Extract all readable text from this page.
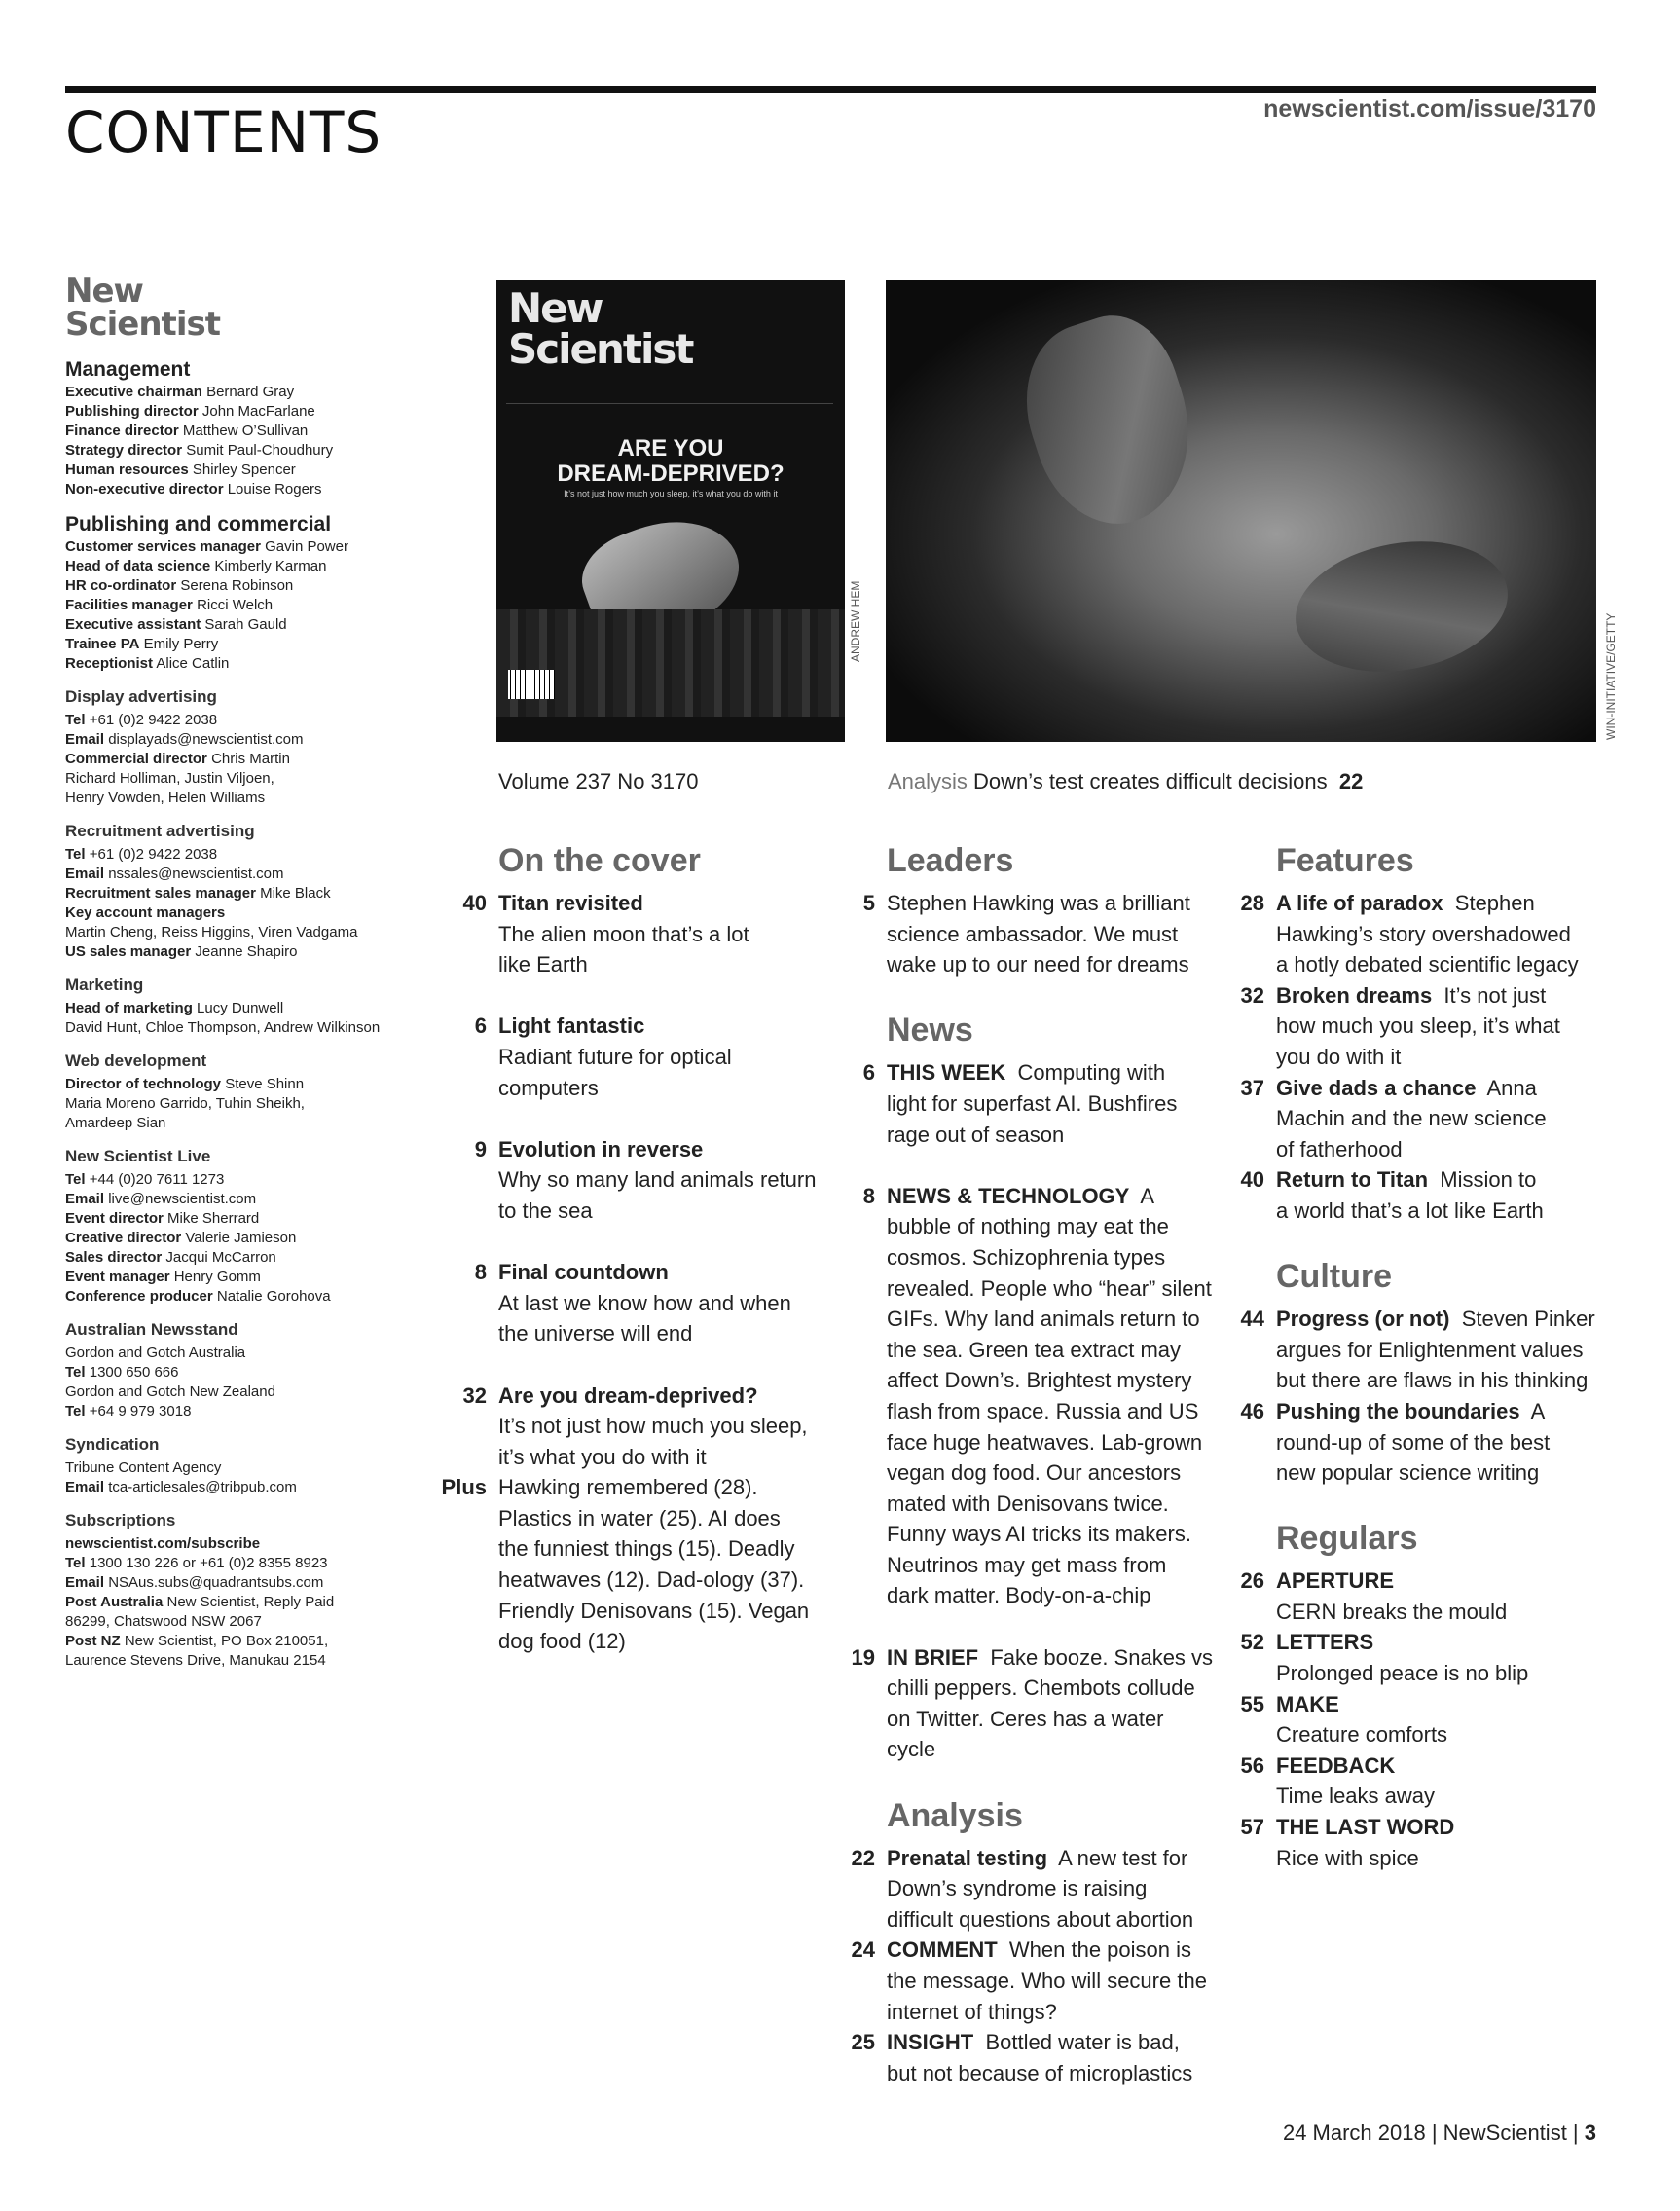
CONTENTS	newscientist.com/issue/3170
New
Scientist
Management
Executive chairman Bernard Gray
Publishing director John MacFarlane
Finance director Matthew O’Sullivan
Strategy director Sumit Paul-Choudhury
Human resources Shirley Spencer
Non-executive director Louise Rogers
Publishing and commercial
Customer services manager Gavin Power
Head of data science Kimberly Karman
HR co-ordinator Serena Robinson
Facilities manager Ricci Welch
Executive assistant Sarah Gauld
Trainee PA Emily Perry
Receptionist Alice Catlin
Display advertising
Tel +61 (0)2 9422 2038
Email displayads@newscientist.com
Commercial director Chris Martin
Richard Holliman, Justin Viljoen,
Henry Vowden, Helen Williams
Recruitment advertising
Tel +61 (0)2 9422 2038
Email nssales@newscientist.com
Recruitment sales manager Mike Black
Key account managers
Martin Cheng, Reiss Higgins, Viren Vadgama
US sales manager Jeanne Shapiro
Marketing
Head of marketing Lucy Dunwell
David Hunt, Chloe Thompson, Andrew Wilkinson
Web development
Director of technology Steve Shinn
Maria Moreno Garrido, Tuhin Sheikh,
Amardeep Sian
New Scientist Live
Tel +44 (0)20 7611 1273
Email live@newscientist.com
Event director Mike Sherrard
Creative director Valerie Jamieson
Sales director Jacqui McCarron
Event manager Henry Gomm
Conference producer Natalie Gorohova
Australian Newsstand
Gordon and Gotch Australia
Tel 1300 650 666
Gordon and Gotch New Zealand
Tel +64 9 979 3018
Syndication
Tribune Content Agency
Email tca-articlesales@tribpub.com
Subscriptions
newscientist.com/subscribe
Tel 1300 130 226 or +61 (0)2 8355 8923
Email NSAus.subs@quadrantsubs.com
Post Australia New Scientist, Reply Paid
86299, Chatswood NSW 2067
Post NZ New Scientist, PO Box 210051,
Laurence Stevens Drive, Manukau 2154
New
Scientist
ARE YOU
DREAM-DEPRIVED?
It’s not just how much you sleep, it’s what you do with it
ANDREW HEM	WIN-INITIATIVE/GETTY
Volume 237 No 3170	Analysis Down’s test creates difficult decisions 22
On the cover
40 Titan revisited
The alien moon that’s a lot
like Earth
6 Light fantastic
Radiant future for optical
computers
9 Evolution in reverse
Why so many land animals return
to the sea
8 Final countdown
At last we know how and when
the universe will end
32 Are you dream-deprived?
It’s not just how much you sleep,
it’s what you do with it
Plus Hawking remembered (28).
Plastics in water (25). AI does
the funniest things (15). Deadly
heatwaves (12). Dad-ology (37).
Friendly Denisovans (15). Vegan
dog food (12)
Leaders
5 Stephen Hawking was a brilliant
science ambassador. We must
wake up to our need for dreams
News
6 THIS WEEK Computing with
light for superfast AI. Bushfires
rage out of season
8 NEWS & TECHNOLOGY A bubble of nothing may eat the
cosmos. Schizophrenia types
revealed. People who “hear” silent
GIFs. Why land animals return to
the sea. Green tea extract may
affect Down’s. Brightest mystery
flash from space. Russia and US
face huge heatwaves. Lab-grown
vegan dog food. Our ancestors
mated with Denisovans twice.
Funny ways AI tricks its makers.
Neutrinos may get mass from
dark matter. Body-on-a-chip
19 IN BRIEF Fake booze. Snakes vs
chilli peppers. Chembots collude
on Twitter. Ceres has a water cycle
Analysis
22 Prenatal testing A new test for
Down’s syndrome is raising
difficult questions about abortion
24 COMMENT When the poison is
the message. Who will secure the
internet of things?
25 INSIGHT Bottled water is bad,
but not because of microplastics
Features
28 A life of paradox Stephen
Hawking’s story overshadowed
a hotly debated scientific legacy
32 Broken dreams It’s not just
how much you sleep, it’s what
you do with it
37 Give dads a chance Anna
Machin and the new science
of fatherhood
40 Return to Titan Mission to
a world that’s a lot like Earth
Culture
44 Progress (or not) Steven Pinker
argues for Enlightenment values
but there are flaws in his thinking
46 Pushing the boundaries A round-up of some of the best
new popular science writing
Regulars
26 APERTURE
CERN breaks the mould
52 LETTERS
Prolonged peace is no blip
55 MAKE
Creature comforts
56 FEEDBACK
Time leaks away
57 THE LAST WORD
Rice with spice
24 March 2018 | NewScientist | 3
